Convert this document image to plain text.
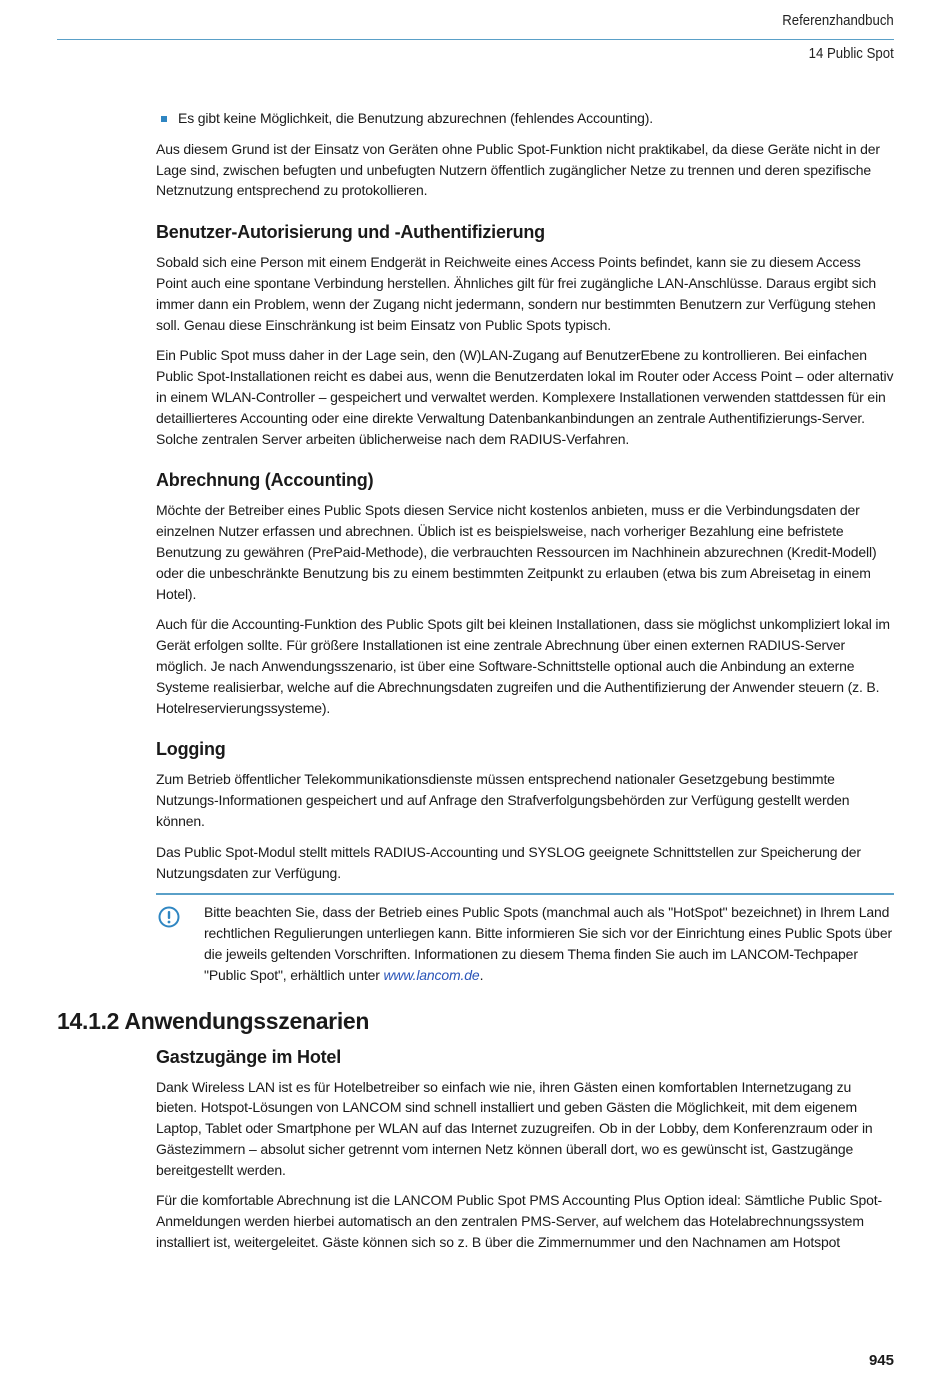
Referenzhandbuch
14 Public Spot
Es gibt keine Möglichkeit, die Benutzung abzurechnen (fehlendes Accounting).

Aus diesem Grund ist der Einsatz von Geräten ohne Public Spot-Funktion nicht praktikabel, da diese Geräte nicht in der Lage sind, zwischen befugten und unbefugten Nutzern öffentlich zugänglicher Netze zu trennen und deren spezifische Netznutzung entsprechend zu protokollieren.

Benutzer-Autorisierung und -Authentifizierung

Sobald sich eine Person mit einem Endgerät in Reichweite eines Access Points befindet, kann sie zu diesem Access Point auch eine spontane Verbindung herstellen. Ähnliches gilt für frei zugängliche LAN-Anschlüsse. Daraus ergibt sich immer dann ein Problem, wenn der Zugang nicht jedermann, sondern nur bestimmten Benutzern zur Verfügung stehen soll. Genau diese Einschränkung ist beim Einsatz von Public Spots typisch.

Ein Public Spot muss daher in der Lage sein, den (W)LAN-Zugang auf BenutzerEbene zu kontrollieren. Bei einfachen Public Spot-Installationen reicht es dabei aus, wenn die Benutzerdaten lokal im Router oder Access Point – oder alternativ in einem WLAN-Controller – gespeichert und verwaltet werden. Komplexere Installationen verwenden stattdessen für ein detaillierteres Accounting oder eine direkte Verwaltung Datenbankanbindungen an zentrale Authentifizierungs-Server. Solche zentralen Server arbeiten üblicherweise nach dem RADIUS-Verfahren.

Abrechnung (Accounting)

Möchte der Betreiber eines Public Spots diesen Service nicht kostenlos anbieten, muss er die Verbindungsdaten der einzelnen Nutzer erfassen und abrechnen. Üblich ist es beispielsweise, nach vorheriger Bezahlung eine befristete Benutzung zu gewähren (PrePaid-Methode), die verbrauchten Ressourcen im Nachhinein abzurechnen (Kredit-Modell) oder die unbeschränkte Benutzung bis zu einem bestimmten Zeitpunkt zu erlauben (etwa bis zum Abreisetag in einem Hotel).

Auch für die Accounting-Funktion des Public Spots gilt bei kleinen Installationen, dass sie möglichst unkompliziert lokal im Gerät erfolgen sollte. Für größere Installationen ist eine zentrale Abrechnung über einen externen RADIUS-Server möglich. Je nach Anwendungsszenario, ist über eine Software-Schnittstelle optional auch die Anbindung an externe Systeme realisierbar, welche auf die Abrechnungsdaten zugreifen und die Authentifizierung der Anwender steuern (z. B. Hotelreservierungssysteme).

Logging

Zum Betrieb öffentlicher Telekommunikationsdienste müssen entsprechend nationaler Gesetzgebung bestimmte Nutzungs-Informationen gespeichert und auf Anfrage den Strafverfolgungsbehörden zur Verfügung gestellt werden können.

Das Public Spot-Modul stellt mittels RADIUS-Accounting und SYSLOG geeignete Schnittstellen zur Speicherung der Nutzungsdaten zur Verfügung.

Bitte beachten Sie, dass der Betrieb eines Public Spots (manchmal auch als "HotSpot" bezeichnet) in Ihrem Land rechtlichen Regulierungen unterliegen kann. Bitte informieren Sie sich vor der Einrichtung eines Public Spots über die jeweils geltenden Vorschriften. Informationen zu diesem Thema finden Sie auch im LANCOM-Techpaper "Public Spot", erhältlich unter www.lancom.de.
14.1.2 Anwendungsszenarien
Gastzugänge im Hotel

Dank Wireless LAN ist es für Hotelbetreiber so einfach wie nie, ihren Gästen einen komfortablen Internetzugang zu bieten. Hotspot-Lösungen von LANCOM sind schnell installiert und geben Gästen die Möglichkeit, mit dem eigenem Laptop, Tablet oder Smartphone per WLAN auf das Internet zuzugreifen. Ob in der Lobby, dem Konferenzraum oder in Gästezimmern – absolut sicher getrennt vom internen Netz können überall dort, wo es gewünscht ist, Gastzugänge bereitgestellt werden.

Für die komfortable Abrechnung ist die LANCOM Public Spot PMS Accounting Plus Option ideal: Sämtliche Public Spot-Anmeldungen werden hierbei automatisch an den zentralen PMS-Server, auf welchem das Hotelabrechnungssystem installiert ist, weitergeleitet. Gäste können sich so z. B über die Zimmernummer und den Nachnamen am Hotspot

945
